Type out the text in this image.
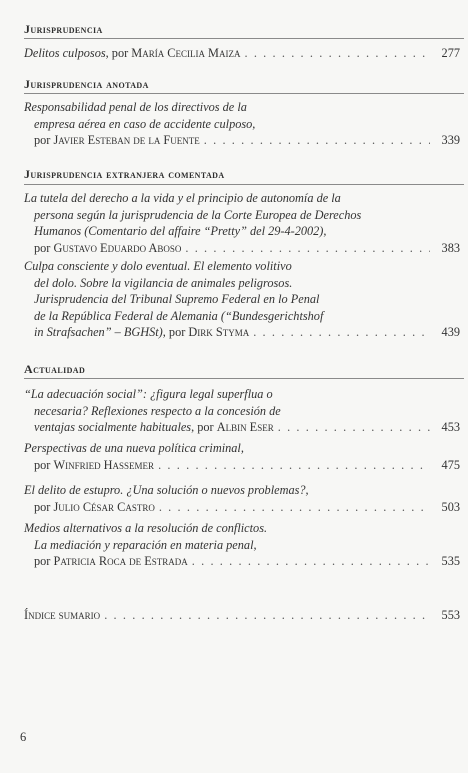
Jurisprudencia
Delitos culposos , por
María Cecilia Maiza . . .	277
Jurisprudencia anotada
Responsabilidad penal de los directivos de la
empresa aérea en caso de accidente culposo,
por
Javier Esteban de la Fuente . . .	339
Jurisprudencia extranjera comentada
La tutela del derecho a la vida y el principio de autonomía de la
persona según la jurisprudencia de la Corte Europea de Derechos
Humanos (Comentario del affaire “Pretty” del 29-4-2002),
por
Gustavo Eduardo Aboso . . .	383
Culpa consciente y dolo eventual. El elemento volitivo
del dolo. Sobre la vigilancia de animales peligrosos.
Jurisprudencia del Tribunal Supremo Federal en lo Penal
de la República Federal de Alemania (“Bundesgerichtshof
in Strafsachen” – BGHSt) , por
Dirk Styma . . .	439
Actualidad
“La adecuación social”: ¿figura legal superflua o
necesaria? Reflexiones respecto a la concesión de
ventajas socialmente habituales , por
Albin Eser . . .	453
Perspectivas de una nueva política criminal,
por
Winfried Hassemer . . .	475
El delito de estupro. ¿Una solución o nuevos problemas?,
por
Julio César Castro . . .	503
Medios alternativos a la resolución de conflictos.
La mediación y reparación en materia penal,
por
Patricia Roca de Estrada . . .	535
Índice sumario . . .	553
6
